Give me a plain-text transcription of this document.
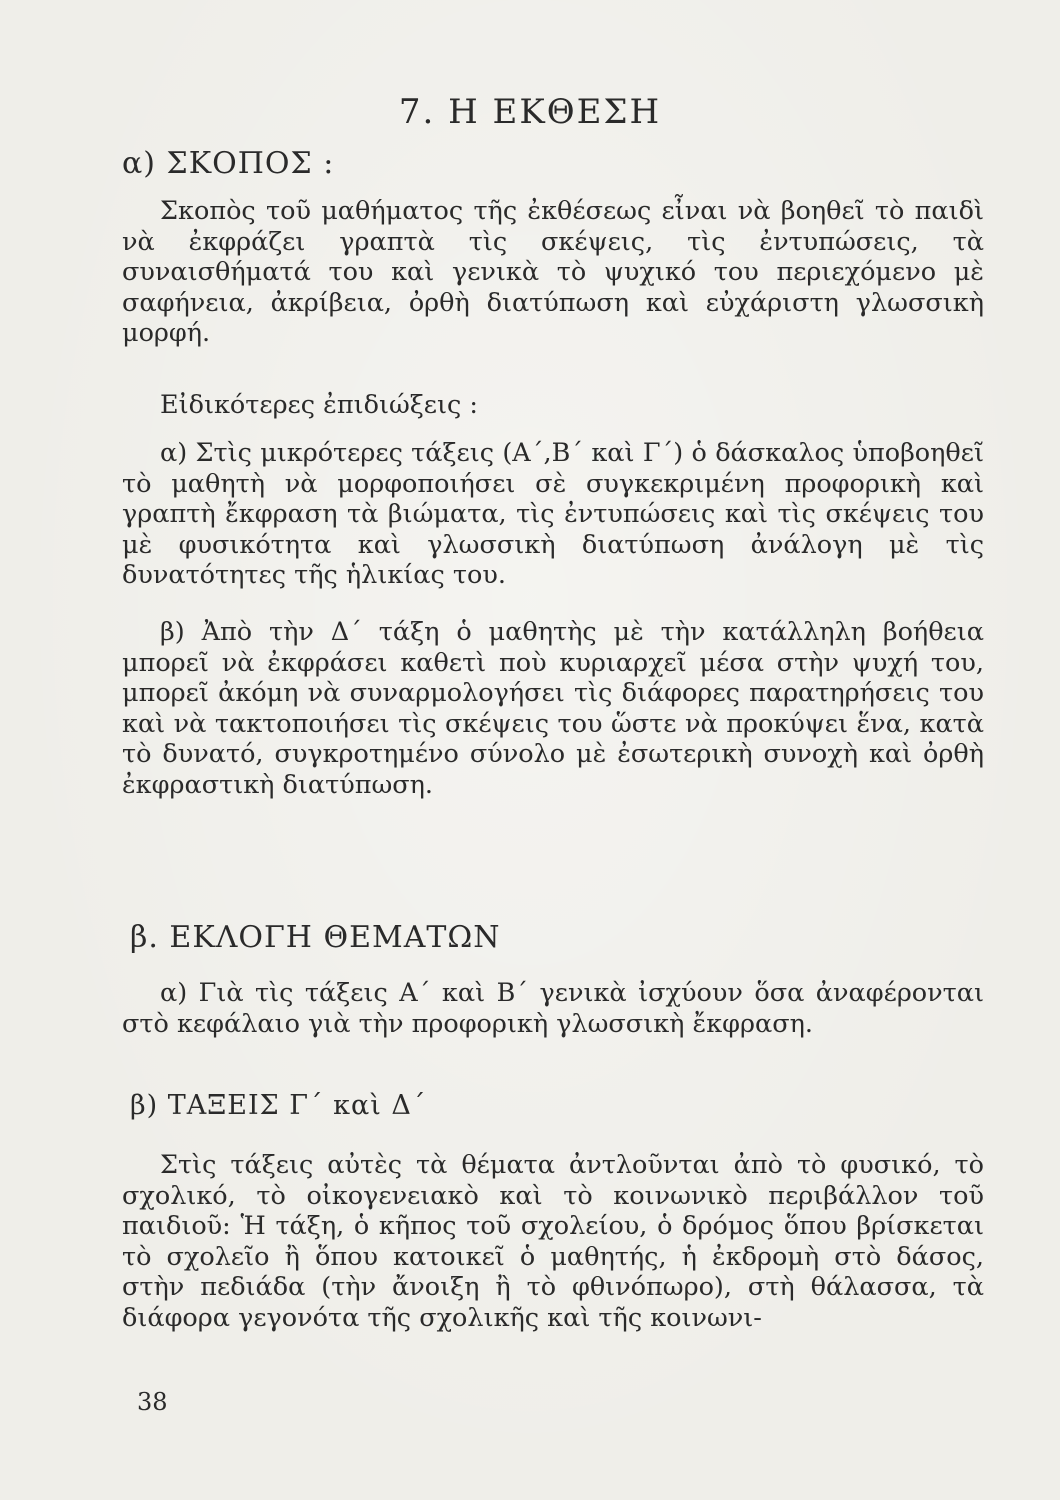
7. Η ΕΚΘΕΣΗ
α) ΣΚΟΠΟΣ :

Σκοπὸς τοῦ μαθήματος τῆς ἐκθέσεως εἶναι νὰ βοηθεῖ τὸ παιδὶ νὰ ἐκφράζει γραπτὰ τὶς σκέψεις, τὶς ἐντυπώσεις, τὰ συναισθήματά του καὶ γενικὰ τὸ ψυχικό του περιεχόμενο μὲ σαφήνεια, ἀκρίβεια, ὀρθὴ διατύπωση καὶ εὐχάριστη γλωσσικὴ μορφή.

Εἰδικότερες ἐπιδιώξεις :

α) Στὶς μικρότερες τάξεις (Α΄,Β΄ καὶ Γ΄) ὁ δάσκαλος ὑποβοηθεῖ τὸ μαθητὴ νὰ μορφοποιήσει σὲ συγκεκριμένη προφορικὴ καὶ γραπτὴ ἔκφραση τὰ βιώματα, τὶς ἐντυπώσεις καὶ τὶς σκέψεις του μὲ φυσικότητα καὶ γλωσσικὴ διατύπωση ἀνάλογη μὲ τὶς δυνατότητες τῆς ἡλικίας του.

β) Ἀπὸ τὴν Δ΄ τάξη ὁ μαθητὴς μὲ τὴν κατάλληλη βοήθεια μπορεῖ νὰ ἐκφράσει καθετὶ ποὺ κυριαρχεῖ μέσα στὴν ψυχή του, μπορεῖ ἀκόμη νὰ συναρμολογήσει τὶς διάφορες παρατηρήσεις του καὶ νὰ τακτοποιήσει τὶς σκέψεις του ὥστε νὰ προκύψει ἕνα, κατὰ τὸ δυνατό, συγκροτημένο σύνολο μὲ ἐσωτερικὴ συνοχὴ καὶ ὀρθὴ ἐκφραστικὴ διατύπωση.

β. ΕΚΛΟΓΗ ΘΕΜΑΤΩΝ

α) Γιὰ τὶς τάξεις Α΄ καὶ Β΄ γενικὰ ἰσχύουν ὅσα ἀναφέρονται στὸ κεφάλαιο γιὰ τὴν προφορικὴ γλωσσικὴ ἔκφραση.

β) ΤΑΞΕΙΣ Γ΄ καὶ Δ΄

Στὶς τάξεις αὐτὲς τὰ θέματα ἀντλοῦνται ἀπὸ τὸ φυσικό, τὸ σχολικό, τὸ οἰκογενειακὸ καὶ τὸ κοινωνικὸ περιβάλλον τοῦ παιδιοῦ: Ἡ τάξη, ὁ κῆπος τοῦ σχολείου, ὁ δρόμος ὅπου βρίσκεται τὸ σχολεῖο ἢ ὅπου κατοικεῖ ὁ μαθητής, ἡ ἐκδρομὴ στὸ δάσος, στὴν πεδιάδα (τὴν ἄνοιξη ἢ τὸ φθινόπωρο), στὴ θάλασσα, τὰ διάφορα γεγονότα τῆς σχολικῆς καὶ τῆς κοινωνι-

38
